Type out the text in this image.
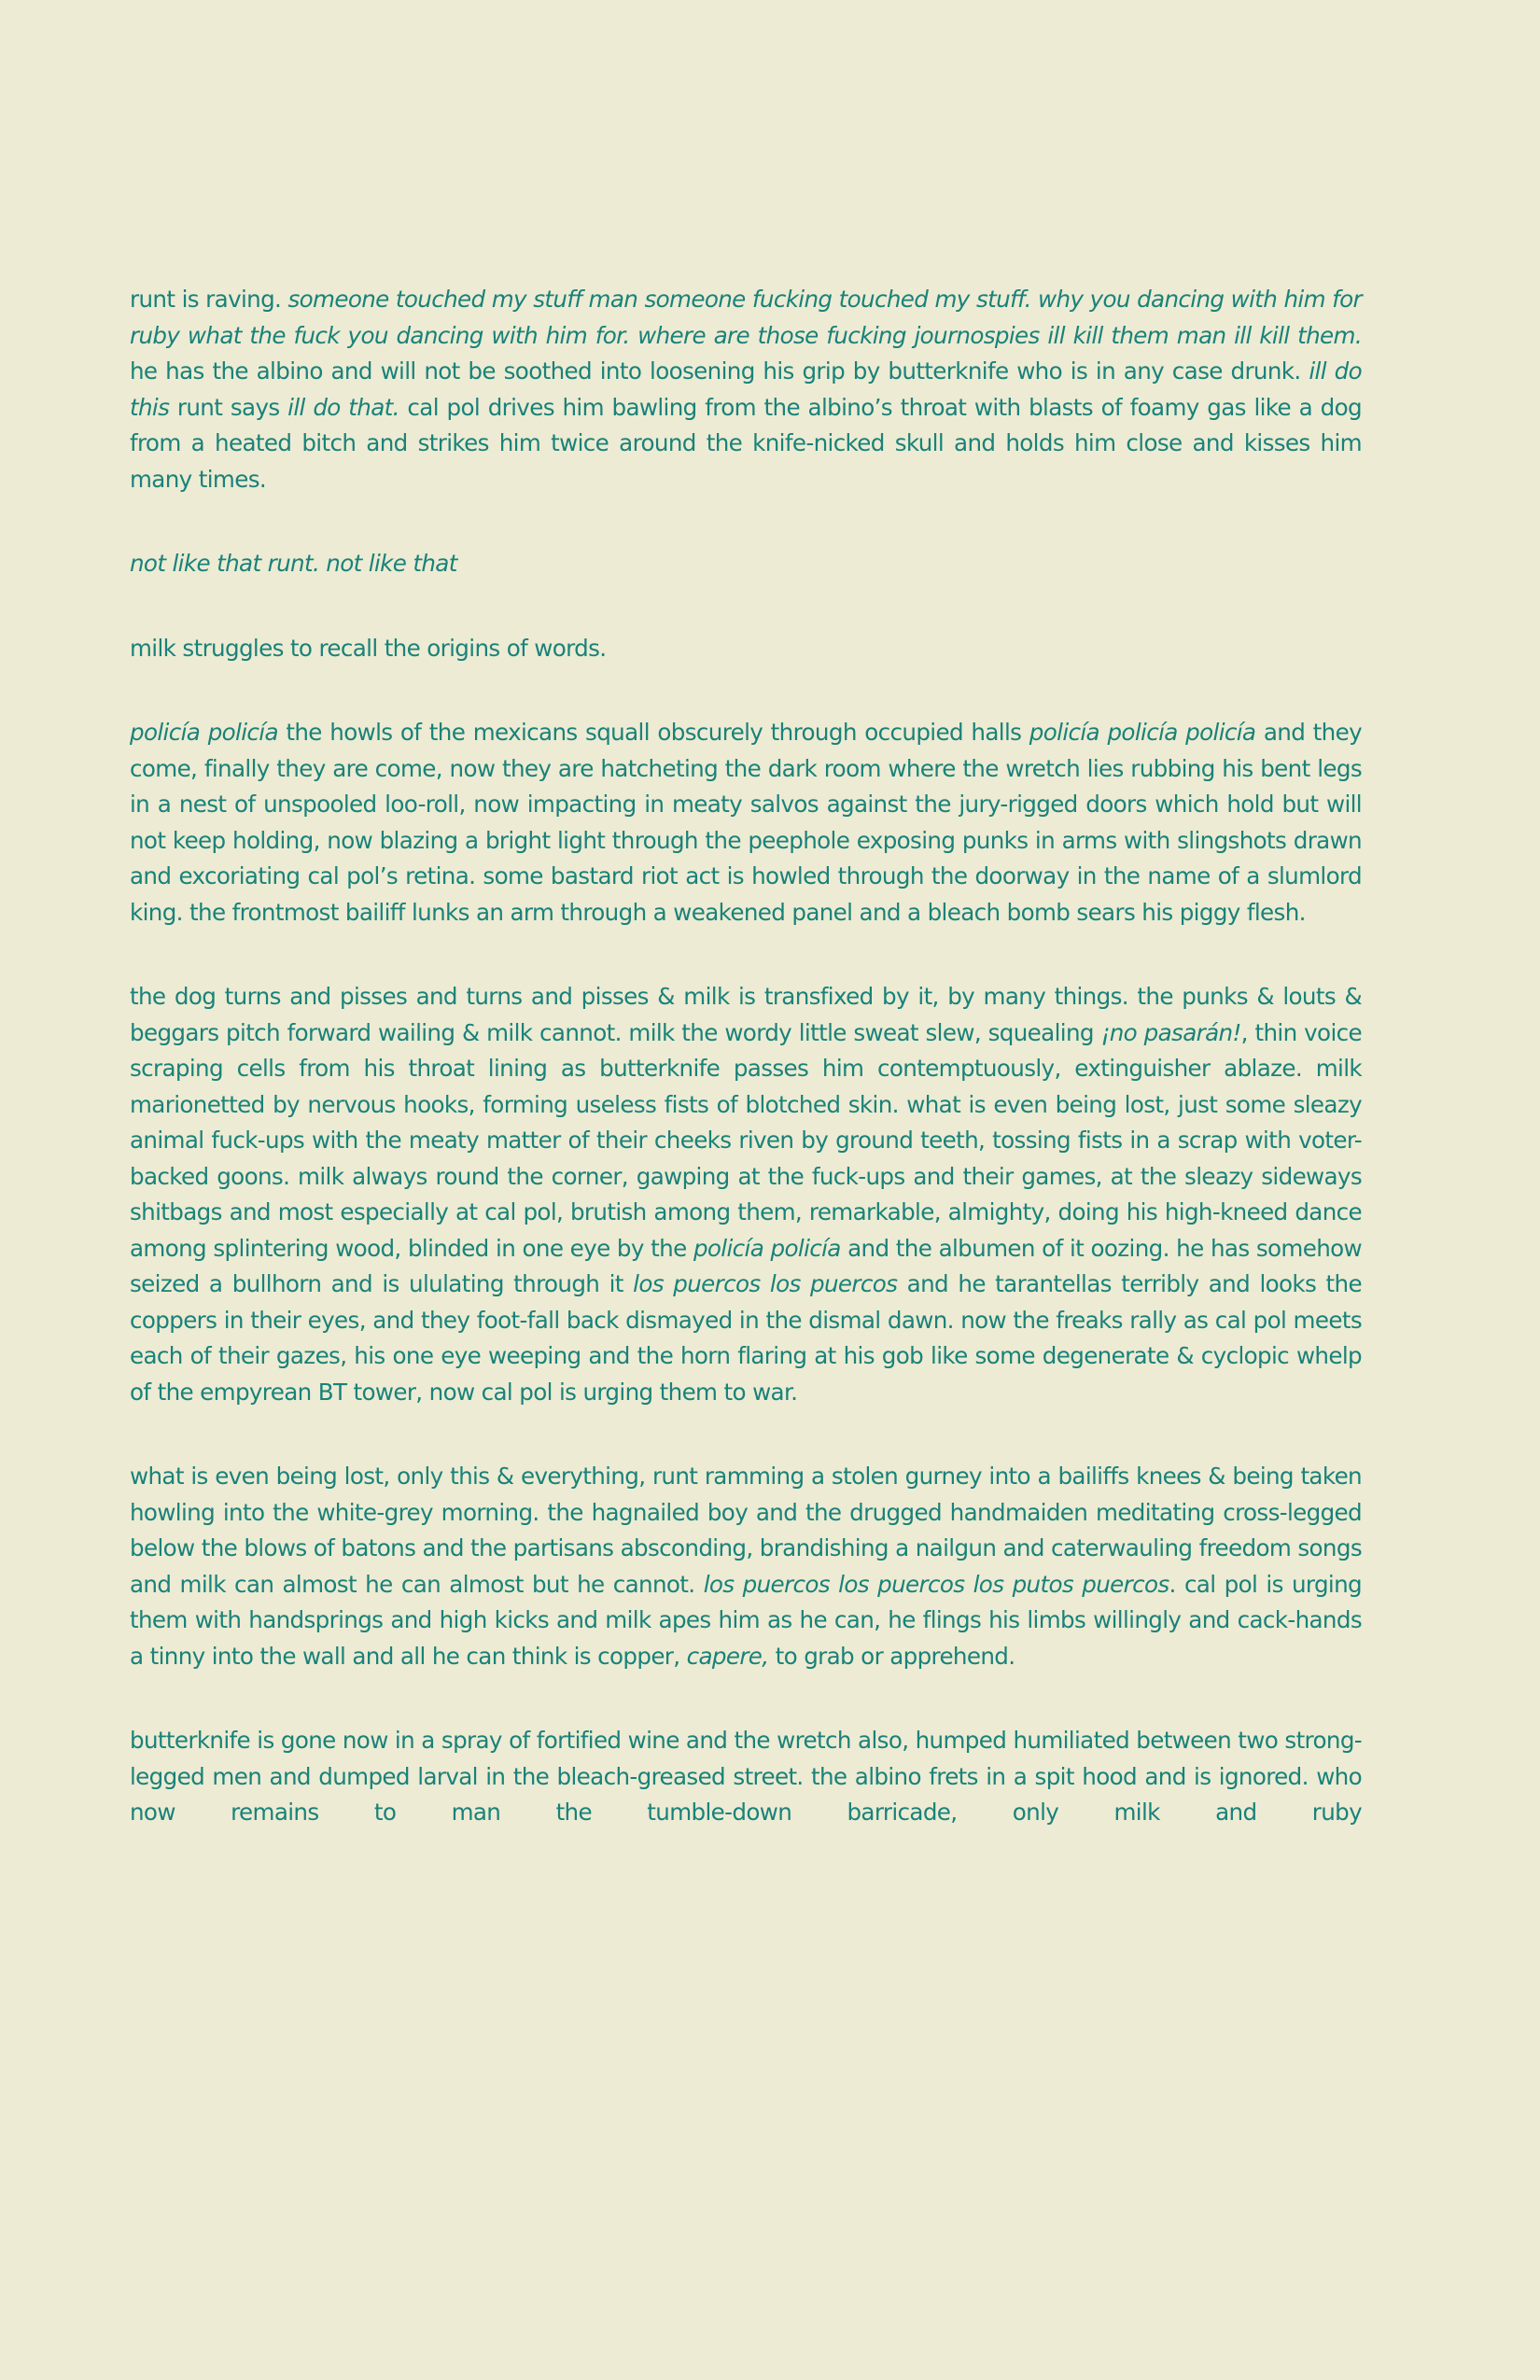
runt is raving. someone touched my stuff man someone fucking touched my stuff. why you dancing with him for ruby what the fuck you dancing with him for. where are those fucking journospies ill kill them man ill kill them. he has the albino and will not be soothed into loosening his grip by butterknife who is in any case drunk. ill do this runt says ill do that. cal pol drives him bawling from the albino’s throat with blasts of foamy gas like a dog from a heated bitch and strikes him twice around the knife-nicked skull and holds him close and kisses him many times.

not like that runt. not like that

milk struggles to recall the origins of words.

policía policía the howls of the mexicans squall obscurely through occupied halls policía policía policía and they come, finally they are come, now they are hatcheting the dark room where the wretch lies rubbing his bent legs in a nest of unspooled loo-roll, now impacting in meaty salvos against the jury-rigged doors which hold but will not keep holding, now blazing a bright light through the peephole exposing punks in arms with slingshots drawn and excoriating cal pol’s retina. some bastard riot act is howled through the doorway in the name of a slumlord king. the frontmost bailiff lunks an arm through a weakened panel and a bleach bomb sears his piggy flesh.

the dog turns and pisses and turns and pisses & milk is transfixed by it, by many things. the punks & louts & beggars pitch forward wailing & milk cannot. milk the wordy little sweat slew, squealing ¡no pasarán!, thin voice scraping cells from his throat lining as butterknife passes him contemptuously, extinguisher ablaze. milk marionetted by nervous hooks, forming useless fists of blotched skin. what is even being lost, just some sleazy animal fuck-ups with the meaty matter of their cheeks riven by ground teeth, tossing fists in a scrap with voter-backed goons. milk always round the corner, gawping at the fuck-ups and their games, at the sleazy sideways shitbags and most especially at cal pol, brutish among them, remarkable, almighty, doing his high-kneed dance among splintering wood, blinded in one eye by the policía policía and the albumen of it oozing. he has somehow seized a bullhorn and is ululating through it los puercos los puercos and he tarantellas terribly and looks the coppers in their eyes, and they foot-fall back dismayed in the dismal dawn. now the freaks rally as cal pol meets each of their gazes, his one eye weeping and the horn flaring at his gob like some degenerate & cyclopic whelp of the empyrean BT tower, now cal pol is urging them to war.

what is even being lost, only this & everything, runt ramming a stolen gurney into a bailiffs knees & being taken howling into the white-grey morning. the hagnailed boy and the drugged handmaiden meditating cross-legged below the blows of batons and the partisans absconding, brandishing a nailgun and caterwauling freedom songs and milk can almost he can almost but he cannot. los puercos los puercos los putos puercos. cal pol is urging them with handsprings and high kicks and milk apes him as he can, he flings his limbs willingly and cack-hands a tinny into the wall and all he can think is copper, capere, to grab or apprehend.

butterknife is gone now in a spray of fortified wine and the wretch also, humped humiliated between two strong-legged men and dumped larval in the bleach-greased street. the albino frets in a spit hood and is ignored. who now remains to man the tumble-down barricade, only milk and ruby
